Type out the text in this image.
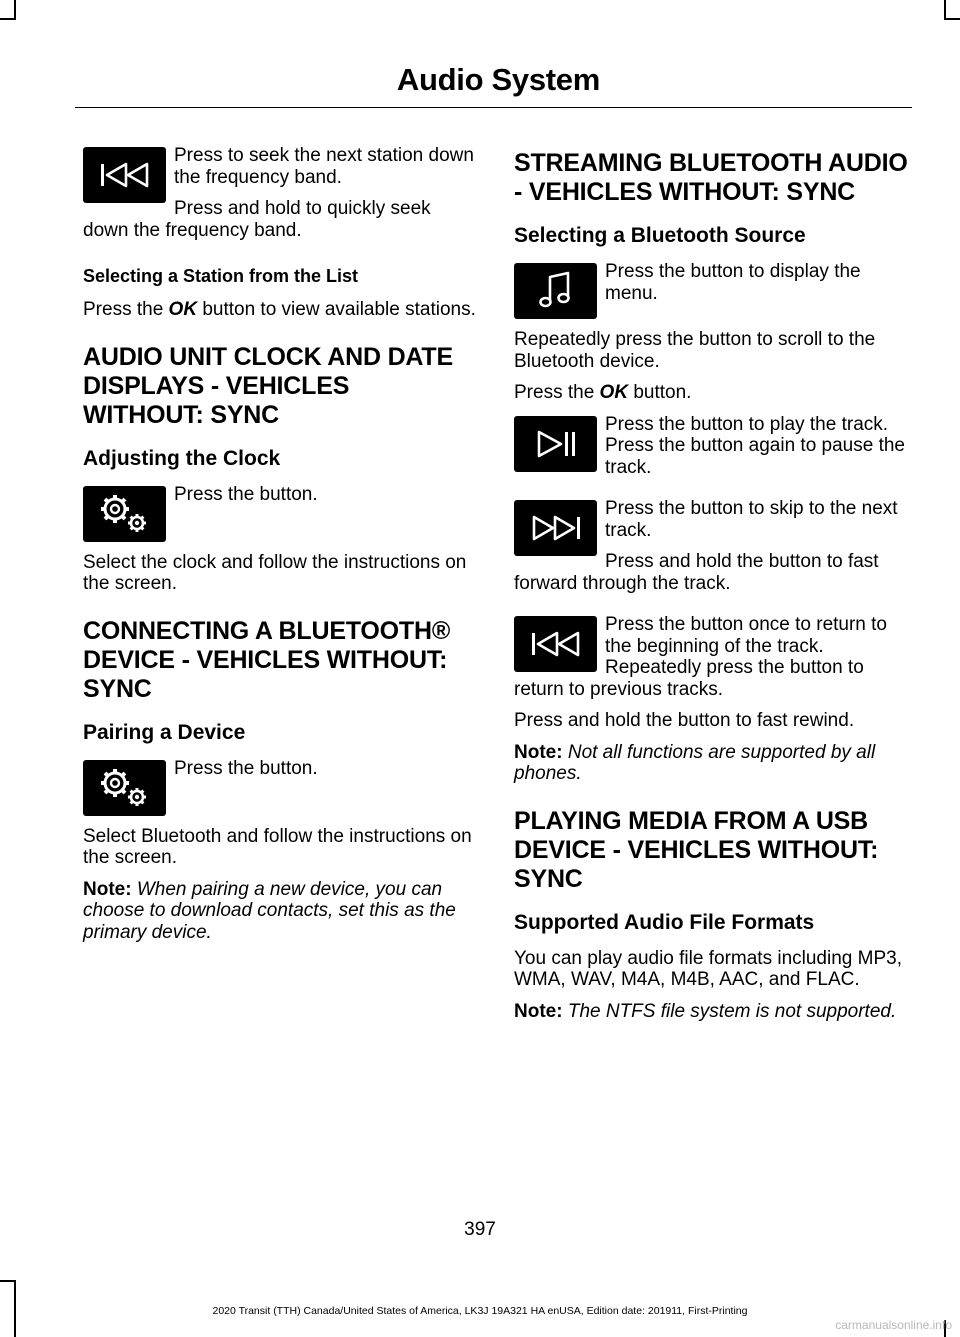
Audio System

Press to seek the next station down the frequency band.

Press and hold to quickly seek down the frequency band.

Selecting a Station from the List

Press the OK button to view available stations.

AUDIO UNIT CLOCK AND DATE DISPLAYS - VEHICLES WITHOUT: SYNC
Adjusting the Clock

Press the button.

Select the clock and follow the instructions on the screen.

CONNECTING A BLUETOOTH® DEVICE - VEHICLES WITHOUT: SYNC
Pairing a Device

Press the button.

Select Bluetooth and follow the instructions on the screen.

Note: When pairing a new device, you can choose to download contacts, set this as the primary device.

STREAMING BLUETOOTH AUDIO - VEHICLES WITHOUT: SYNC
Selecting a Bluetooth Source

Press the button to display the menu.

Repeatedly press the button to scroll to the Bluetooth device.

Press the OK button.

Press the button to play the track. Press the button again to pause the track.

Press the button to skip to the next track.

Press and hold the button to fast forward through the track.

Press the button once to return to the beginning of the track. Repeatedly press the button to return to previous tracks.

Press and hold the button to fast rewind.

Note: Not all functions are supported by all phones.

PLAYING MEDIA FROM A USB DEVICE - VEHICLES WITHOUT: SYNC
Supported Audio File Formats

You can play audio file formats including MP3, WMA, WAV, M4A, M4B, AAC, and FLAC.

Note: The NTFS file system is not supported.

397
2020 Transit (TTH) Canada/United States of America, LK3J 19A321 HA enUSA, Edition date: 201911, First-Printing
carmanualsonline.info
